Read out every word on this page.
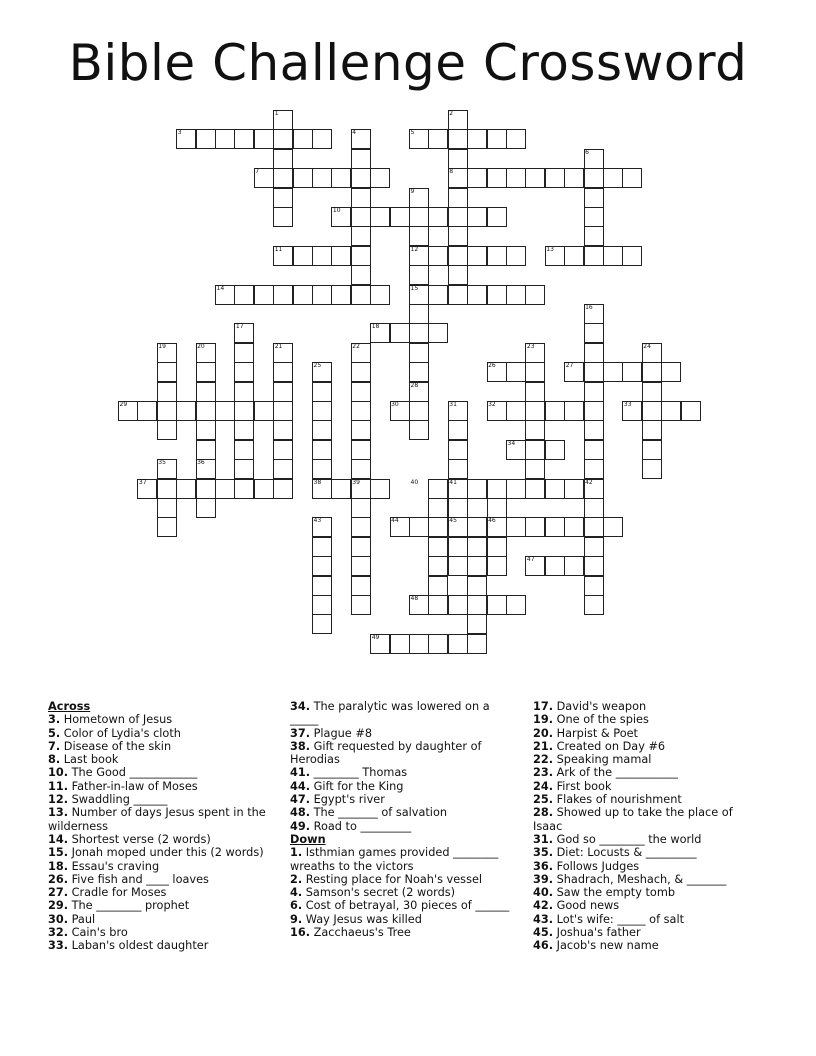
Bible Challenge Crossword
1	2
3	4	5
6
7	8
9
10
11	12	13
14	15
16
17	18
19	20	21	22	23	24
25	26	27
28
29	30	31	32	33
34
35	36
37	38	39	40	41	42
43	44	45	46
47
48
49

Across

3. Hometown of Jesus

5. Color of Lydia's cloth

7. Disease of the skin

8. Last book

10. The Good ____________

11. Father-in-law of Moses

12. Swaddling ______

13. Number of days Jesus spent in the wilderness

14. Shortest verse (2 words)

15. Jonah moped under this (2 words)

18. Essau's craving

26. Five fish and ____ loaves

27. Cradle for Moses

29. The ________ prophet

30. Paul

32. Cain's bro

33. Laban's oldest daughter

34. The paralytic was lowered on a _____

37. Plague #8

38. Gift requested by daughter of Herodias

41. ________ Thomas

44. Gift for the King

47. Egypt's river

48. The _______ of salvation

49. Road to _________

Down

1. Isthmian games provided ________ wreaths to the victors

2. Resting place for Noah's vessel

4. Samson's secret (2 words)

6. Cost of betrayal, 30 pieces of ______

9. Way Jesus was killed

16. Zacchaeus's Tree

17. David's weapon

19. One of the spies

20. Harpist & Poet

21. Created on Day #6

22. Speaking mamal

23. Ark of the ___________

24. First book

25. Flakes of nourishment

28. Showed up to take the place of Isaac

31. God so ________ the world

35. Diet: Locusts & _________

36. Follows Judges

39. Shadrach, Meshach, & _______

40. Saw the empty tomb

42. Good news

43. Lot's wife: _____ of salt

45. Joshua's father

46. Jacob's new name
